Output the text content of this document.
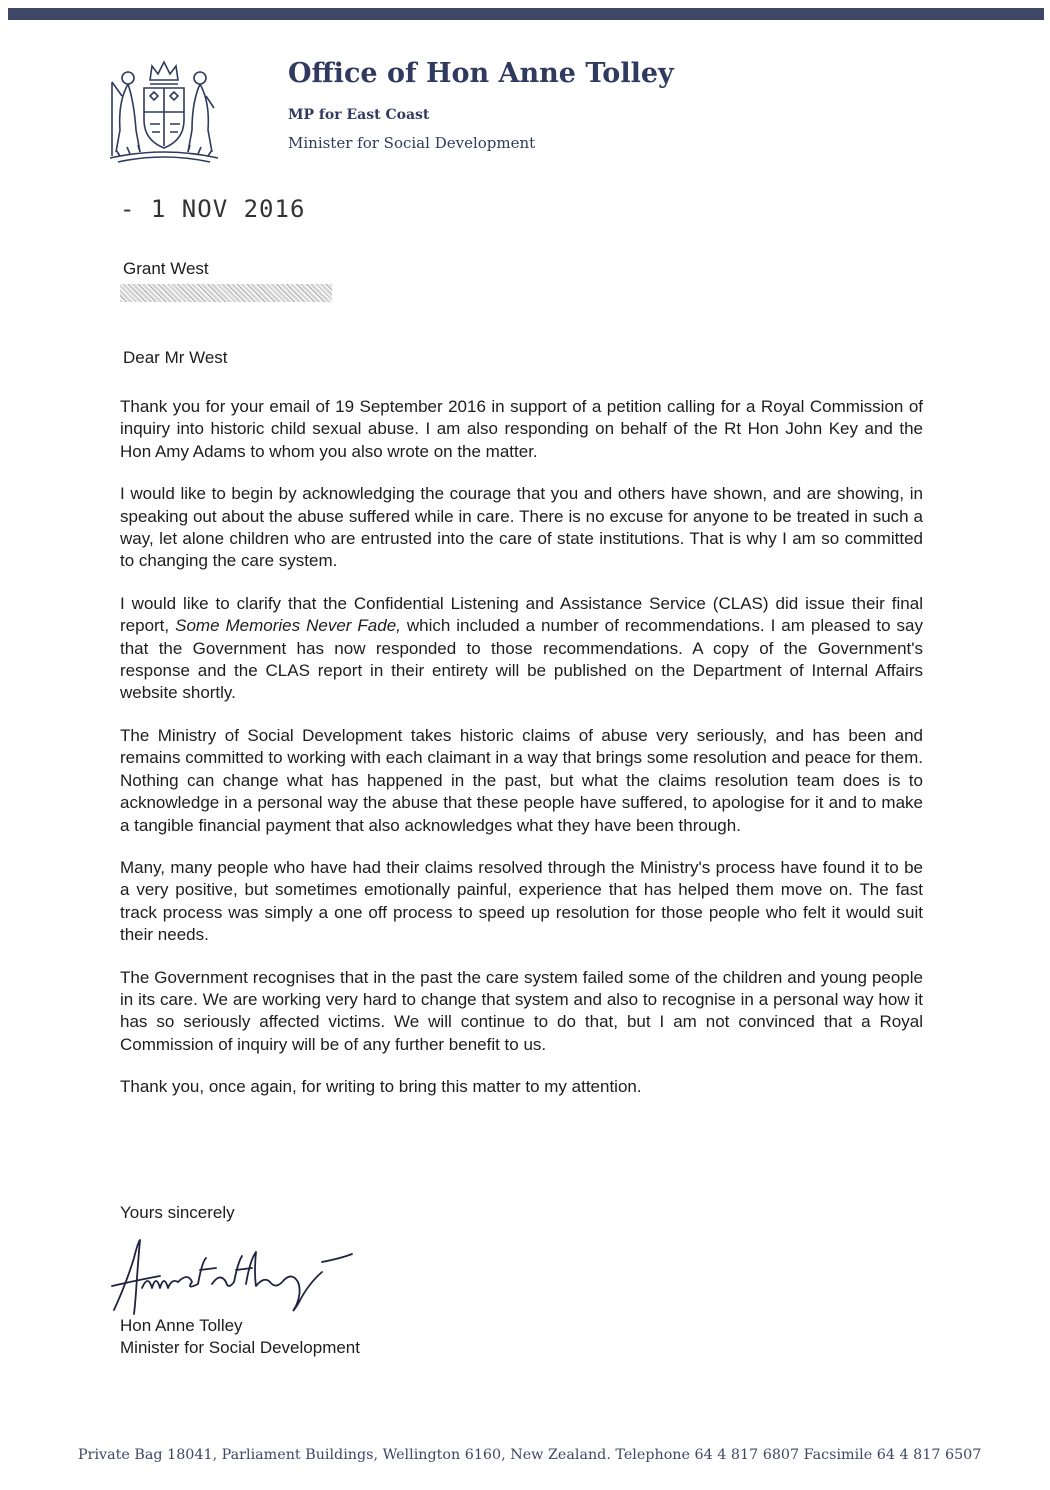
Office of Hon Anne Tolley
MP for East Coast
Minister for Social Development
- 1 NOV 2016
Grant West
Dear Mr West

Thank you for your email of 19 September 2016 in support of a petition calling for a Royal Commission of inquiry into historic child sexual abuse. I am also responding on behalf of the Rt Hon John Key and the Hon Amy Adams to whom you also wrote on the matter.

I would like to begin by acknowledging the courage that you and others have shown, and are showing, in speaking out about the abuse suffered while in care. There is no excuse for anyone to be treated in such a way, let alone children who are entrusted into the care of state institutions. That is why I am so committed to changing the care system.

I would like to clarify that the Confidential Listening and Assistance Service (CLAS) did issue their final report, Some Memories Never Fade, which included a number of recommendations. I am pleased to say that the Government has now responded to those recommendations. A copy of the Government's response and the CLAS report in their entirety will be published on the Department of Internal Affairs website shortly.

The Ministry of Social Development takes historic claims of abuse very seriously, and has been and remains committed to working with each claimant in a way that brings some resolution and peace for them. Nothing can change what has happened in the past, but what the claims resolution team does is to acknowledge in a personal way the abuse that these people have suffered, to apologise for it and to make a tangible financial payment that also acknowledges what they have been through.

Many, many people who have had their claims resolved through the Ministry's process have found it to be a very positive, but sometimes emotionally painful, experience that has helped them move on. The fast track process was simply a one off process to speed up resolution for those people who felt it would suit their needs.

The Government recognises that in the past the care system failed some of the children and young people in its care. We are working very hard to change that system and also to recognise in a personal way how it has so seriously affected victims. We will continue to do that, but I am not convinced that a Royal Commission of inquiry will be of any further benefit to us.

Thank you, once again, for writing to bring this matter to my attention.

Yours sincerely
Hon Anne Tolley
Minister for Social Development
Private Bag 18041, Parliament Buildings, Wellington 6160, New Zealand. Telephone 64 4 817 6807 Facsimile 64 4 817 6507
